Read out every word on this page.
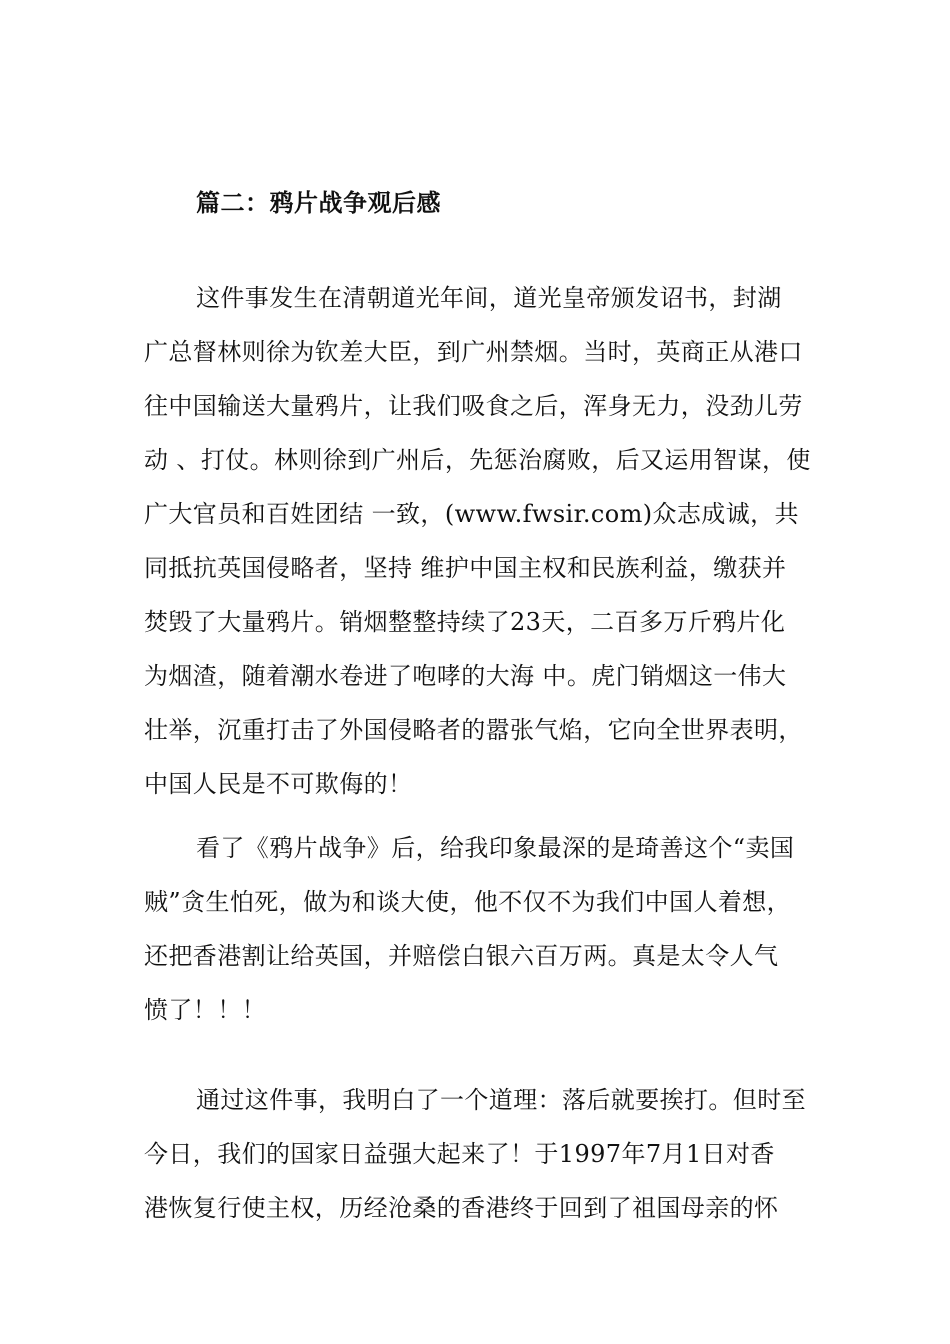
篇二：鸦片战争观后感
这件事发生在清朝道光年间，道光皇帝颁发诏书，封湖
广总督林则徐为钦差大臣，到广州禁烟。当时，英商正从港口
往中国输送大量鸦片，让我们吸食之后，浑身无力，没劲儿劳
动 、打仗。林则徐到广州后，先惩治腐败，后又运用智谋，使
广大官员和百姓团结 一致，(www.fwsir.com)众志成诚，共
同抵抗英国侵略者，坚持 维护中国主权和民族利益，缴获并
焚毁了大量鸦片。销烟整整持续了23天，二百多万斤鸦片化
为烟渣，随着潮水卷进了咆哮的大海 中。虎门销烟这一伟大
壮举，沉重打击了外国侵略者的嚣张气焰，它向全世界表明，
中国人民是不可欺侮的！
看了《鸦片战争》后，给我印象最深的是琦善这个“卖国
贼”贪生怕死，做为和谈大使，他不仅不为我们中国人着想，
还把香港割让给英国，并赔偿白银六百万两。真是太令人气
愤了！！！
通过这件事，我明白了一个道理：落后就要挨打。但时至
今日，我们的国家日益强大起来了！于1997年7月1日对香
港恢复行使主权，历经沧桑的香港终于回到了祖国母亲的怀
